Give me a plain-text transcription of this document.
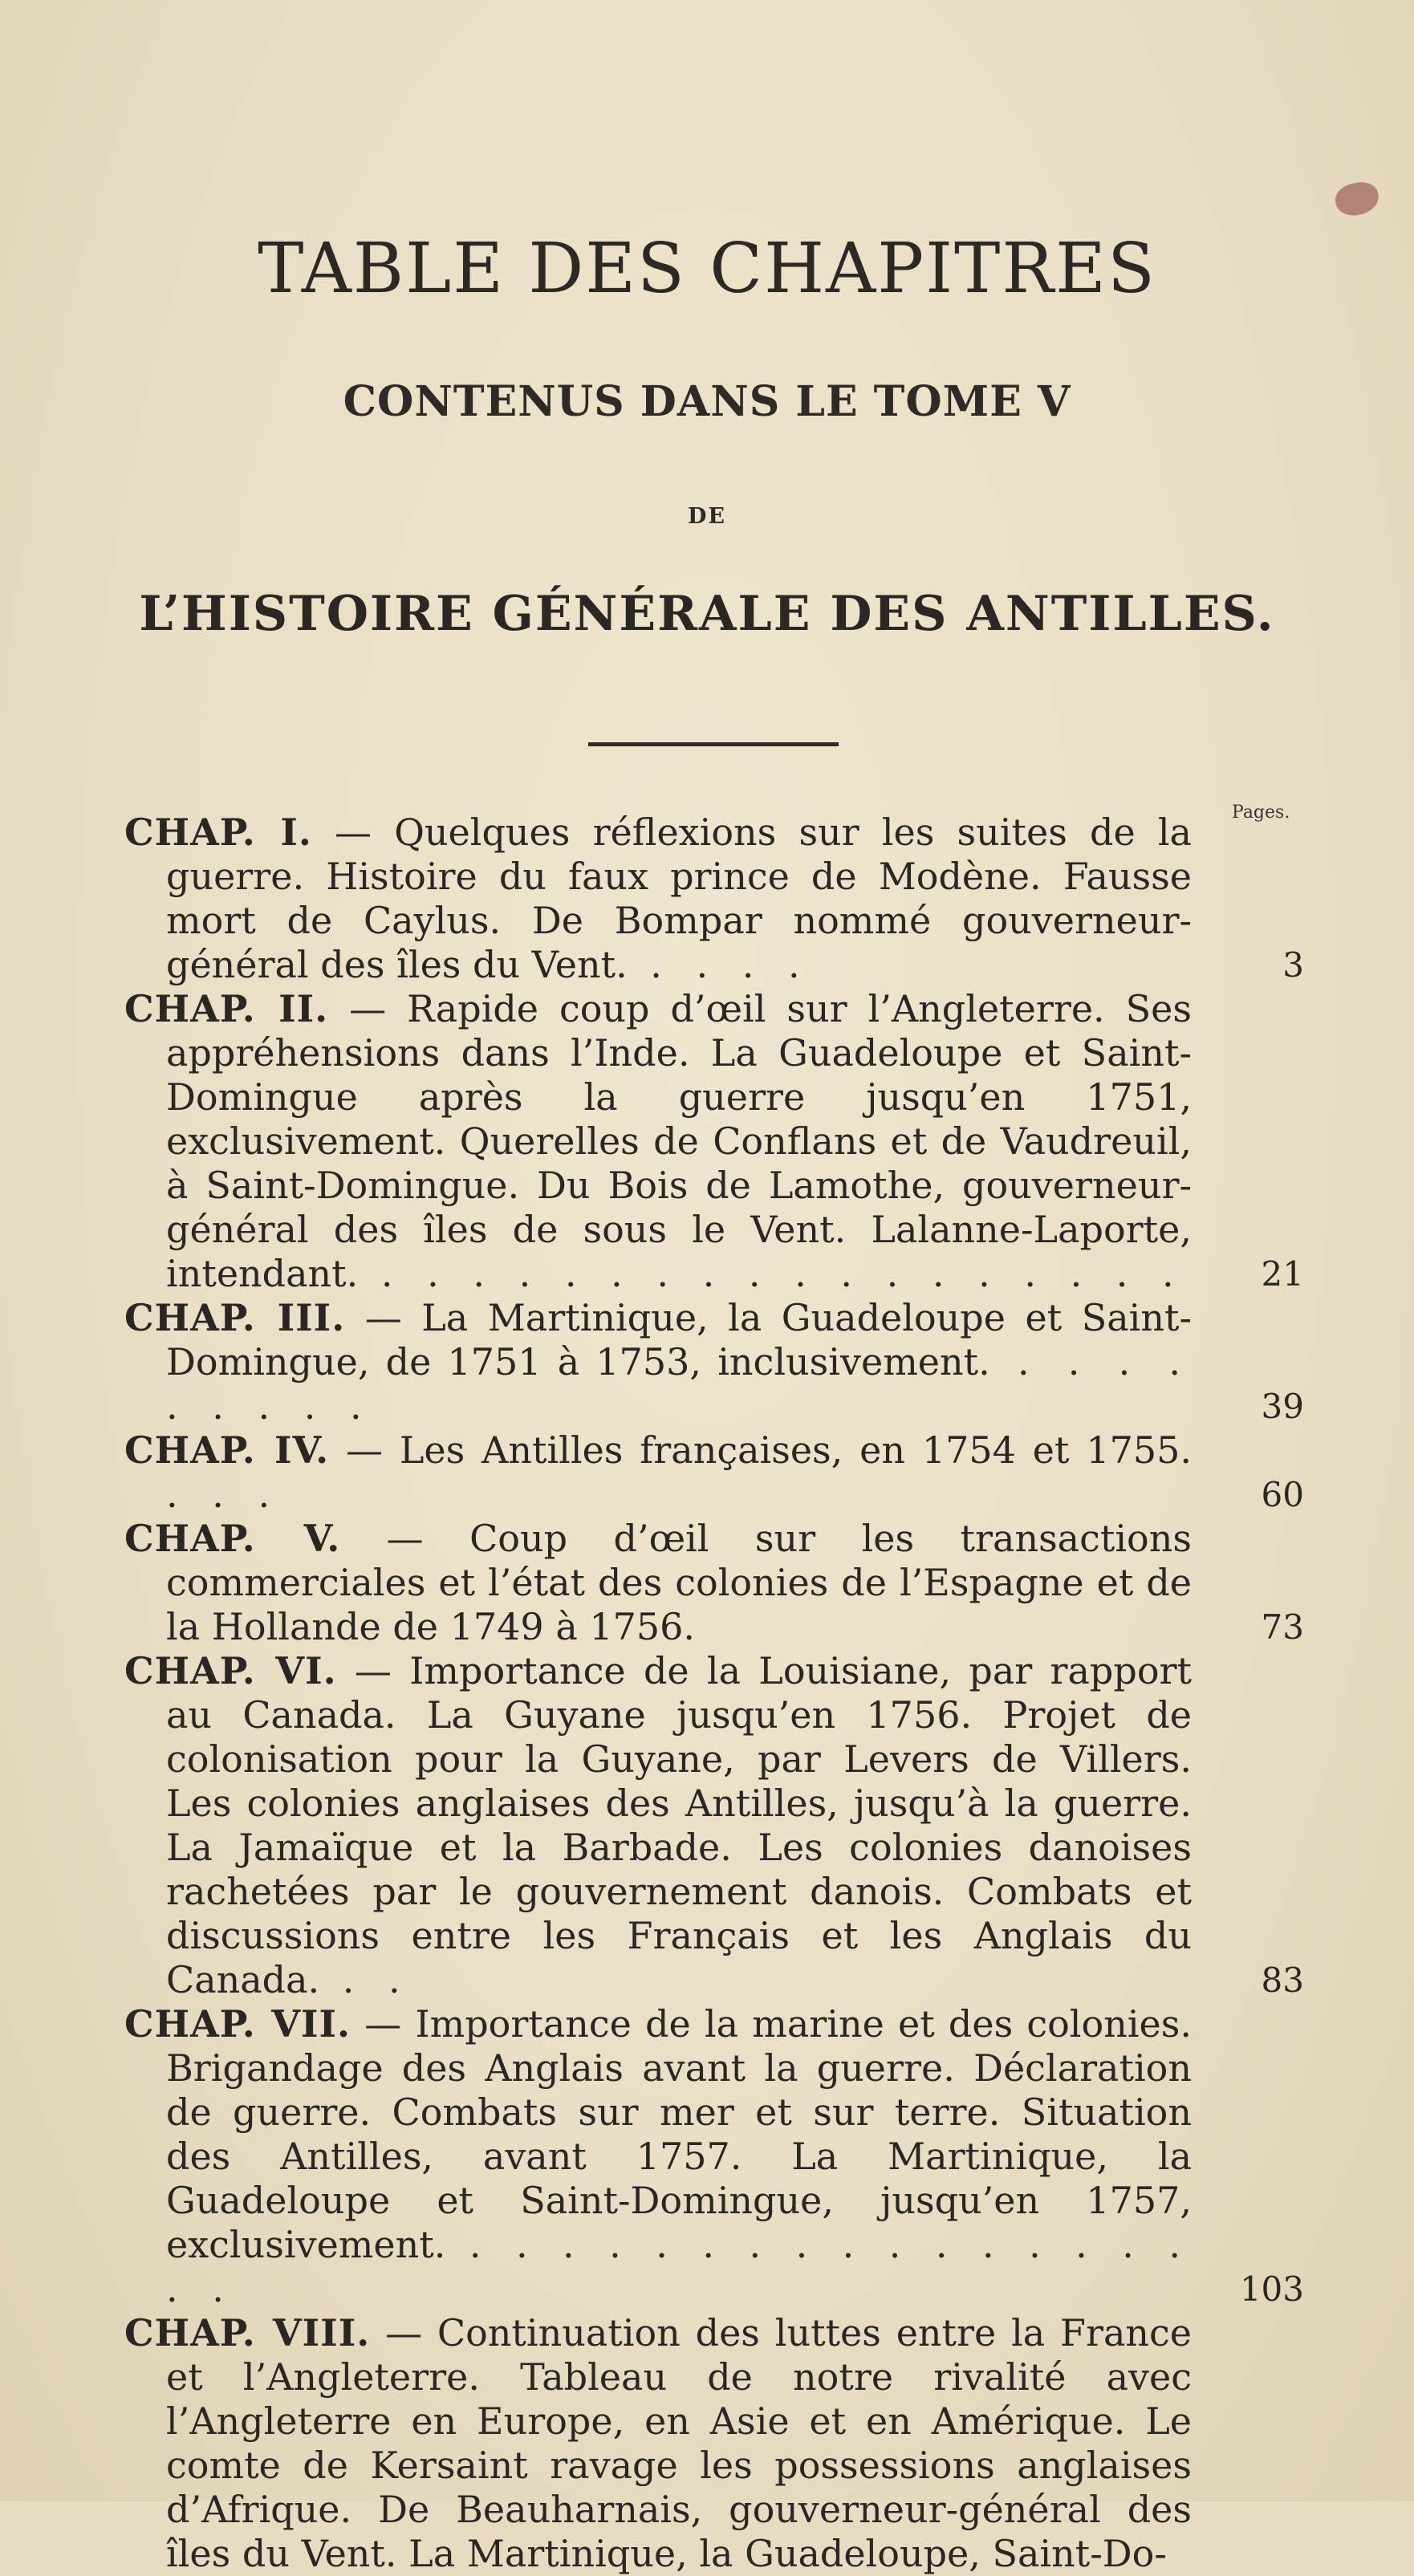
TABLE DES CHAPITRES
CONTENUS DANS LE TOME V
DE
L’HISTOIRE GÉNÉRALE DES ANTILLES.
Pages.
CHAP. I. — Quelques réflexions sur les suites de la guerre. Histoire du faux prince de Modène. Fausse mort de Caylus. De Bompar nommé gouverneur-général des îles du Vent. . . . .	3
CHAP. II. — Rapide coup d’œil sur l’Angleterre. Ses appréhensions dans l’Inde. La Guadeloupe et Saint-Domingue après la guerre jusqu’en 1751, exclusivement. Querelles de Conflans et de Vaudreuil, à Saint-Domingue. Du Bois de Lamothe, gouverneur-général des îles de sous le Vent. Lalanne-Laporte, intendant. . . . . . . . . . . . . . . . . . .	21
CHAP. III. — La Martinique, la Guadeloupe et Saint-Domingue, de 1751 à 1753, inclusivement. . . . . . . . . .	39
CHAP. IV. — Les Antilles françaises, en 1754 et 1755. . . .	60
CHAP. V. — Coup d’œil sur les transactions commerciales et l’état des colonies de l’Espagne et de la Hollande de 1749 à 1756.	73
CHAP. VI. — Importance de la Louisiane, par rapport au Canada. La Guyane jusqu’en 1756. Projet de colonisation pour la Guyane, par Levers de Villers. Les colonies anglaises des Antilles, jusqu’à la guerre. La Jamaïque et la Barbade. Les colonies danoises rachetées par le gouvernement danois. Combats et discussions entre les Français et les Anglais du Canada. . .	83
CHAP. VII. — Importance de la marine et des colonies. Brigandage des Anglais avant la guerre. Déclaration de guerre. Combats sur mer et sur terre. Situation des Antilles, avant 1757. La Martinique, la Guadeloupe et Saint-Domingue, jusqu’en 1757, exclusivement. . . . . . . . . . . . . . . . . . .	103
CHAP. VIII. — Continuation des luttes entre la France et l’Angleterre. Tableau de notre rivalité avec l’Angleterre en Europe, en Asie et en Amérique. Le comte de Kersaint ravage les possessions anglaises d’Afrique. De Beauharnais, gouverneur-général des îles du Vent. La Martinique, la Guadeloupe, Saint-Do-
